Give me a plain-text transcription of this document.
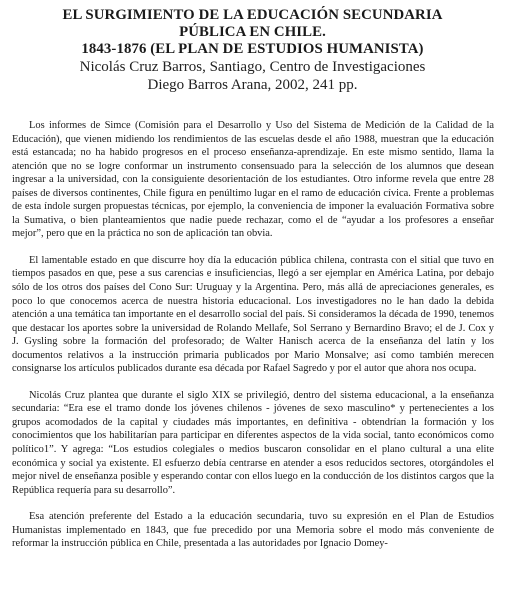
EL SURGIMIENTO DE LA EDUCACIÓN SECUNDARIA
PÚBLICA EN CHILE.
1843-1876 (EL PLAN DE ESTUDIOS HUMANISTA)
Nicolás Cruz Barros, Santiago, Centro de Investigaciones
Diego Barros Arana, 2002, 241 pp.

Los informes de Simce (Comisión para el Desarrollo y Uso del Sistema de Medición de la Calidad de la Educación), que vienen midiendo los rendimientos de las escuelas desde el año 1988, muestran que la educación está estancada; no ha habido progresos en el proceso enseñanza-aprendizaje. En este mismo sentido, llama la atención que no se logre conformar un instrumento consensuado para la selección de los alumnos que desean ingresar a la universidad, con la consiguiente desorientación de los estudiantes. Otro informe revela que entre 28 países de diversos continentes, Chile figura en penúltimo lugar en el ramo de educación cívica. Frente a problemas de esta índole surgen propuestas técnicas, por ejemplo, la conveniencia de imponer la evaluación Formativa sobre la Sumativa, o bien planteamientos que nadie puede rechazar, como el de “ayudar a los profesores a enseñar mejor”, pero que en la práctica no son de aplicación tan obvia.

El lamentable estado en que discurre hoy día la educación pública chilena, contrasta con el sitial que tuvo en tiempos pasados en que, pese a sus carencias e insuficiencias, llegó a ser ejemplar en América Latina, por debajo sólo de los otros dos países del Cono Sur: Uruguay y la Argentina. Pero, más allá de apreciaciones generales, es poco lo que conocemos acerca de nuestra historia educacional. Los investigadores no le han dado la debida atención a una temática tan importante en el desarrollo social del país. Si consideramos la década de 1990, tenemos que destacar los aportes sobre la universidad de Rolando Mellafe, Sol Serrano y Bernardino Bravo; el de J. Cox y J. Gysling sobre la formación del profesorado; de Walter Hanisch acerca de la enseñanza del latín y los documentos relativos a la instrucción primaria publicados por Mario Monsalve; así como también merecen consignarse los artículos publicados durante esa década por Rafael Sagredo y por el autor que ahora nos ocupa.

Nicolás Cruz plantea que durante el siglo XIX se privilegió, dentro del sistema educacional, a la enseñanza secundaria: “Era ese el tramo donde los jóvenes chilenos - jóvenes de sexo masculino* y pertenecientes a los grupos acomodados de la capital y ciudades más importantes, en definitiva - obtendrían la formación y los conocimientos que los habilitarían para participar en diferentes aspectos de la vida social, tanto económicos como político1”. Y agrega: “Los estudios colegiales o medios buscaron consolidar en el plano cultural a una elite económica y social ya existente. El esfuerzo debía centrarse en atender a esos reducidos sectores, otorgándoles el mejor nivel de enseñanza posible y esperando contar con ellos luego en la conducción de los distintos cargos que la República requería para su desarrollo”.

Esa atención preferente del Estado a la educación secundaria, tuvo su expresión en el Plan de Estudios Humanistas implementado en 1843, que fue precedido por una Memoria sobre el modo más conveniente de reformar la instrucción pública en Chile, presentada a las autoridades por Ignacio Domey-
